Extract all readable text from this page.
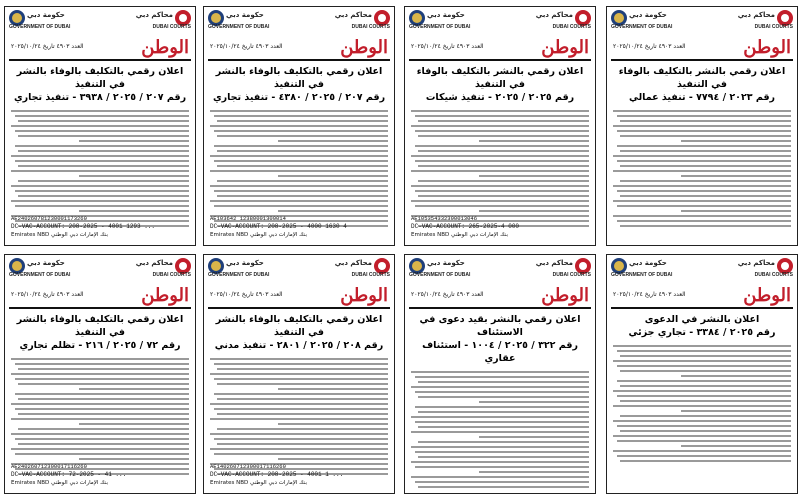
محاكم دبي
DUBAI COURTS
حكومة دبي
GOVERNMENT OF DUBAI
الوطن
العدد ٤٩٠٣ تاريخ ٢٠٢٥/١٠/٢٤
اعلان رقمي بالنشر بالتكليف بالوفاء في التنفيذ
رقم ٢٠٢٣ / ٧٧٩٤ - تنفيذ عمالي
محاكم دبي
DUBAI COURTS
حكومة دبي
GOVERNMENT OF DUBAI
الوطن
العدد ٤٩٠٣ تاريخ ٢٠٢٥/١٠/٢٤
اعلان رقمي بالنشر بالتكليف بالوفاء في التنفيذ
رقم ٢٠٢٥ / ٢٠٢٥ - تنفيذ شيكات
AE105354332390013046
DC-VAC-ACCOUNT: 265-2025-4 000
بنك الإمارات دبي الوطني Emirates NBD
محاكم دبي
DUBAI COURTS
حكومة دبي
GOVERNMENT OF DUBAI
الوطن
العدد ٤٩٠٣ تاريخ ٢٠٢٥/١٠/٢٤
اعلان رقمي بالتكليف بالوفاء بالنشر في التنفيذ
رقم ٢٠٧ / ٢٠٢٥ / ٤٣٨٠ - تنفيذ تجاري
AE103642 12380001300014
DC-VAC-ACCOUNT: 208-2025 - 4000 1630 4
بنك الإمارات دبي الوطني Emirates NBD
محاكم دبي
DUBAI COURTS
حكومة دبي
GOVERNMENT OF DUBAI
الوطن
العدد ٤٩٠٣ تاريخ ٢٠٢٥/١٠/٢٤
اعلان رقمي بالتكليف بالوفاء بالنشر في التنفيذ
رقم ٢٠٧ / ٢٠٢٥ / ٣٩٣٨ - تنفيذ تجاري
AE240260781230001173260
DC-VAC-ACCOUNT: 208-2025 - 4001 1293 ...
بنك الإمارات دبي الوطني Emirates NBD
محاكم دبي
DUBAI COURTS
حكومة دبي
GOVERNMENT OF DUBAI
الوطن
العدد ٤٩٠٣ تاريخ ٢٠٢٥/١٠/٢٤
اعلان بالنشر في الدعوى
رقم ٢٠٢٥ / ٣٣٨٤ - تجاري جزئي
محاكم دبي
DUBAI COURTS
حكومة دبي
GOVERNMENT OF DUBAI
الوطن
العدد ٤٩٠٣ تاريخ ٢٠٢٥/١٠/٢٤
اعلان رقمي بالنشر بقيد دعوى في الاستئناف
رقم ٣٢٢ / ٢٠٢٥ / ١٠٠٤ - استئناف عقاري
محاكم دبي
DUBAI COURTS
حكومة دبي
GOVERNMENT OF DUBAI
الوطن
العدد ٤٩٠٣ تاريخ ٢٠٢٥/١٠/٢٤
اعلان رقمي بالتكليف بالوفاء بالنشر في التنفيذ
رقم ٢٠٨ / ٢٠٢٥ / ٢٨٠١ - تنفيذ مدني
AE140260712300017116260
DC-VAC-ACCOUNT: 208-2025 - 4001 1 ...
بنك الإمارات دبي الوطني Emirates NBD
محاكم دبي
DUBAI COURTS
حكومة دبي
GOVERNMENT OF DUBAI
الوطن
العدد ٤٩٠٣ تاريخ ٢٠٢٥/١٠/٢٤
اعلان رقمي بالتكليف بالوفاء بالنشر في التنفيذ
رقم ٧٢ / ٢٠٢٥ / ٢١٦ - تظلم تجاري
AE240260712300017116260
DC-VAC-ACCOUNT: 72-2025 - 41 ...
بنك الإمارات دبي الوطني Emirates NBD
